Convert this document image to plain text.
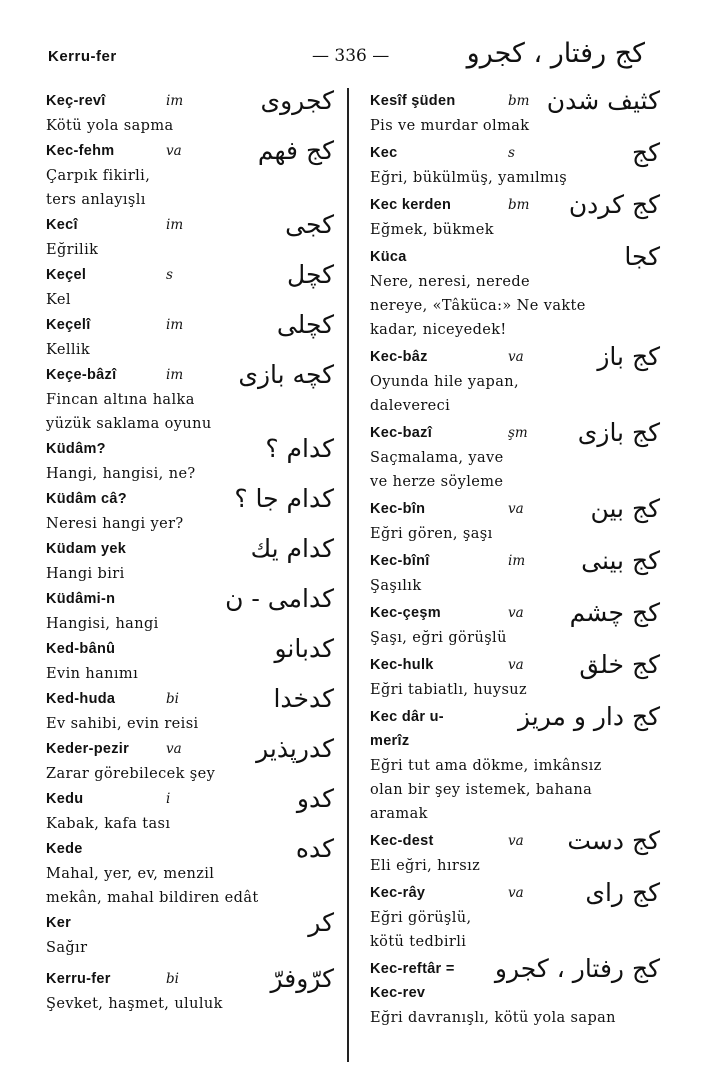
Kerru-fer	— 336 —	كج رفتار ، كجرو
Keç-revî	im	كجروى
Kötü yola sapma
Kec-fehm	va	كج فهم
Çarpık fikirli,
ters anlayışlı
Kecî	im	كجى
Eğrilik
Keçel	s	كچل
Kel
Keçelî	im	كچلى
Kellik
Keçe-bâzî	im كچه بازى
Fincan altına halka
yüzük saklama oyunu
Küdâm?	كدام ؟
Hangi, hangisi, ne?
Küdâm câ?	كدام جا ؟
Neresi hangi yer?
Küdam yek	كدام يك
Hangi biri
Küdâmi-n	كدامى - ن
Hangisi, hangi
Ked-bânû	كدبانو
Evin hanımı
Ked-huda	bi	كدخدا
Ev sahibi, evin reisi
Keder-pezir	va	كدرپذير
Zarar görebilecek şey
Kedu	i	كدو
Kabak, kafa tası
Kede	كده
Mahal, yer, ev, menzil
mekân, mahal bildiren edât
Ker	كر
Sağır
Kerru-fer	bi	كرّوفرّ
Şevket, haşmet, ululuk
Kesîf şüden	bm كثيف شدن
Pis ve murdar olmak
Kec	s	كج
Eğri, bükülmüş, yamılmış
Kec kerden	bm كج كردن
Eğmek, bükmek
Küca	كجا
Nere, neresi, nerede
nereye, «Tâküca:» Ne vakte
kadar, niceyedek!
Kec-bâz	va	كج باز
Oyunda hile yapan,
dalevereci
Kec-bazî	şm كج بازى
Saçmalama, yave
ve herze söyleme
Kec-bîn	va	كج بين
Eğri gören, şaşı
Kec-bînî	im كج بينى
Şaşılık
Kec-çeşm	va كج چشم
Şaşı, eğri görüşlü
Kec-hulk	va كج خلق
Eğri tabiatlı, huysuz
Kec dâr u-	كج دار و مريز
merîz
Eğri tut ama dökme, imkânsız
olan bir şey istemek, bahana
aramak
Kec-dest	va كج دست
Eli eğri, hırsız
Kec-rây	va كج راى
Eğri görüşlü,
kötü tedbirli
Kec-reftâr = كج رفتار ، كجرو
Kec-rev
Eğri davranışlı, kötü yola sapan
